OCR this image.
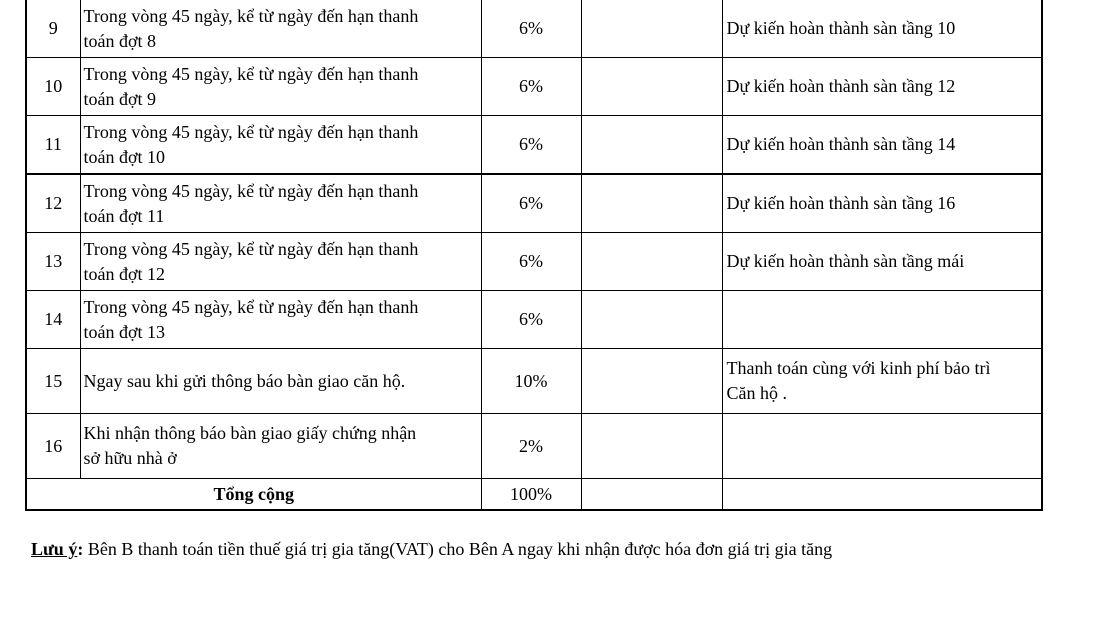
9	Trong vòng 45 ngày, kể từ ngày đến hạn thanh
toán đợt 8	6%		Dự kiến hoàn thành sàn tầng 10
10	Trong vòng 45 ngày, kể từ ngày đến hạn thanh
toán đợt 9	6%		Dự kiến hoàn thành sàn tầng 12
11	Trong vòng 45 ngày, kể từ ngày đến hạn thanh
toán đợt 10	6%		Dự kiến hoàn thành sàn tầng 14
12	Trong vòng 45 ngày, kể từ ngày đến hạn thanh
toán đợt 11	6%		Dự kiến hoàn thành sàn tầng 16
13	Trong vòng 45 ngày, kể từ ngày đến hạn thanh
toán đợt 12	6%		Dự kiến hoàn thành sàn tầng mái
14	Trong vòng 45 ngày, kể từ ngày đến hạn thanh
toán đợt 13	6%		
15	Ngay sau khi gửi thông báo bàn giao căn hộ.	10%		Thanh toán cùng với kinh phí bảo trì
Căn hộ .
16	Khi nhận thông báo bàn giao giấy chứng nhận
sở hữu nhà ở	2%		
Tổng cộng		100%		
Lưu ý: Bên B thanh toán tiền thuế giá trị gia tăng(VAT) cho Bên A ngay khi nhận được hóa đơn giá trị gia tăng
